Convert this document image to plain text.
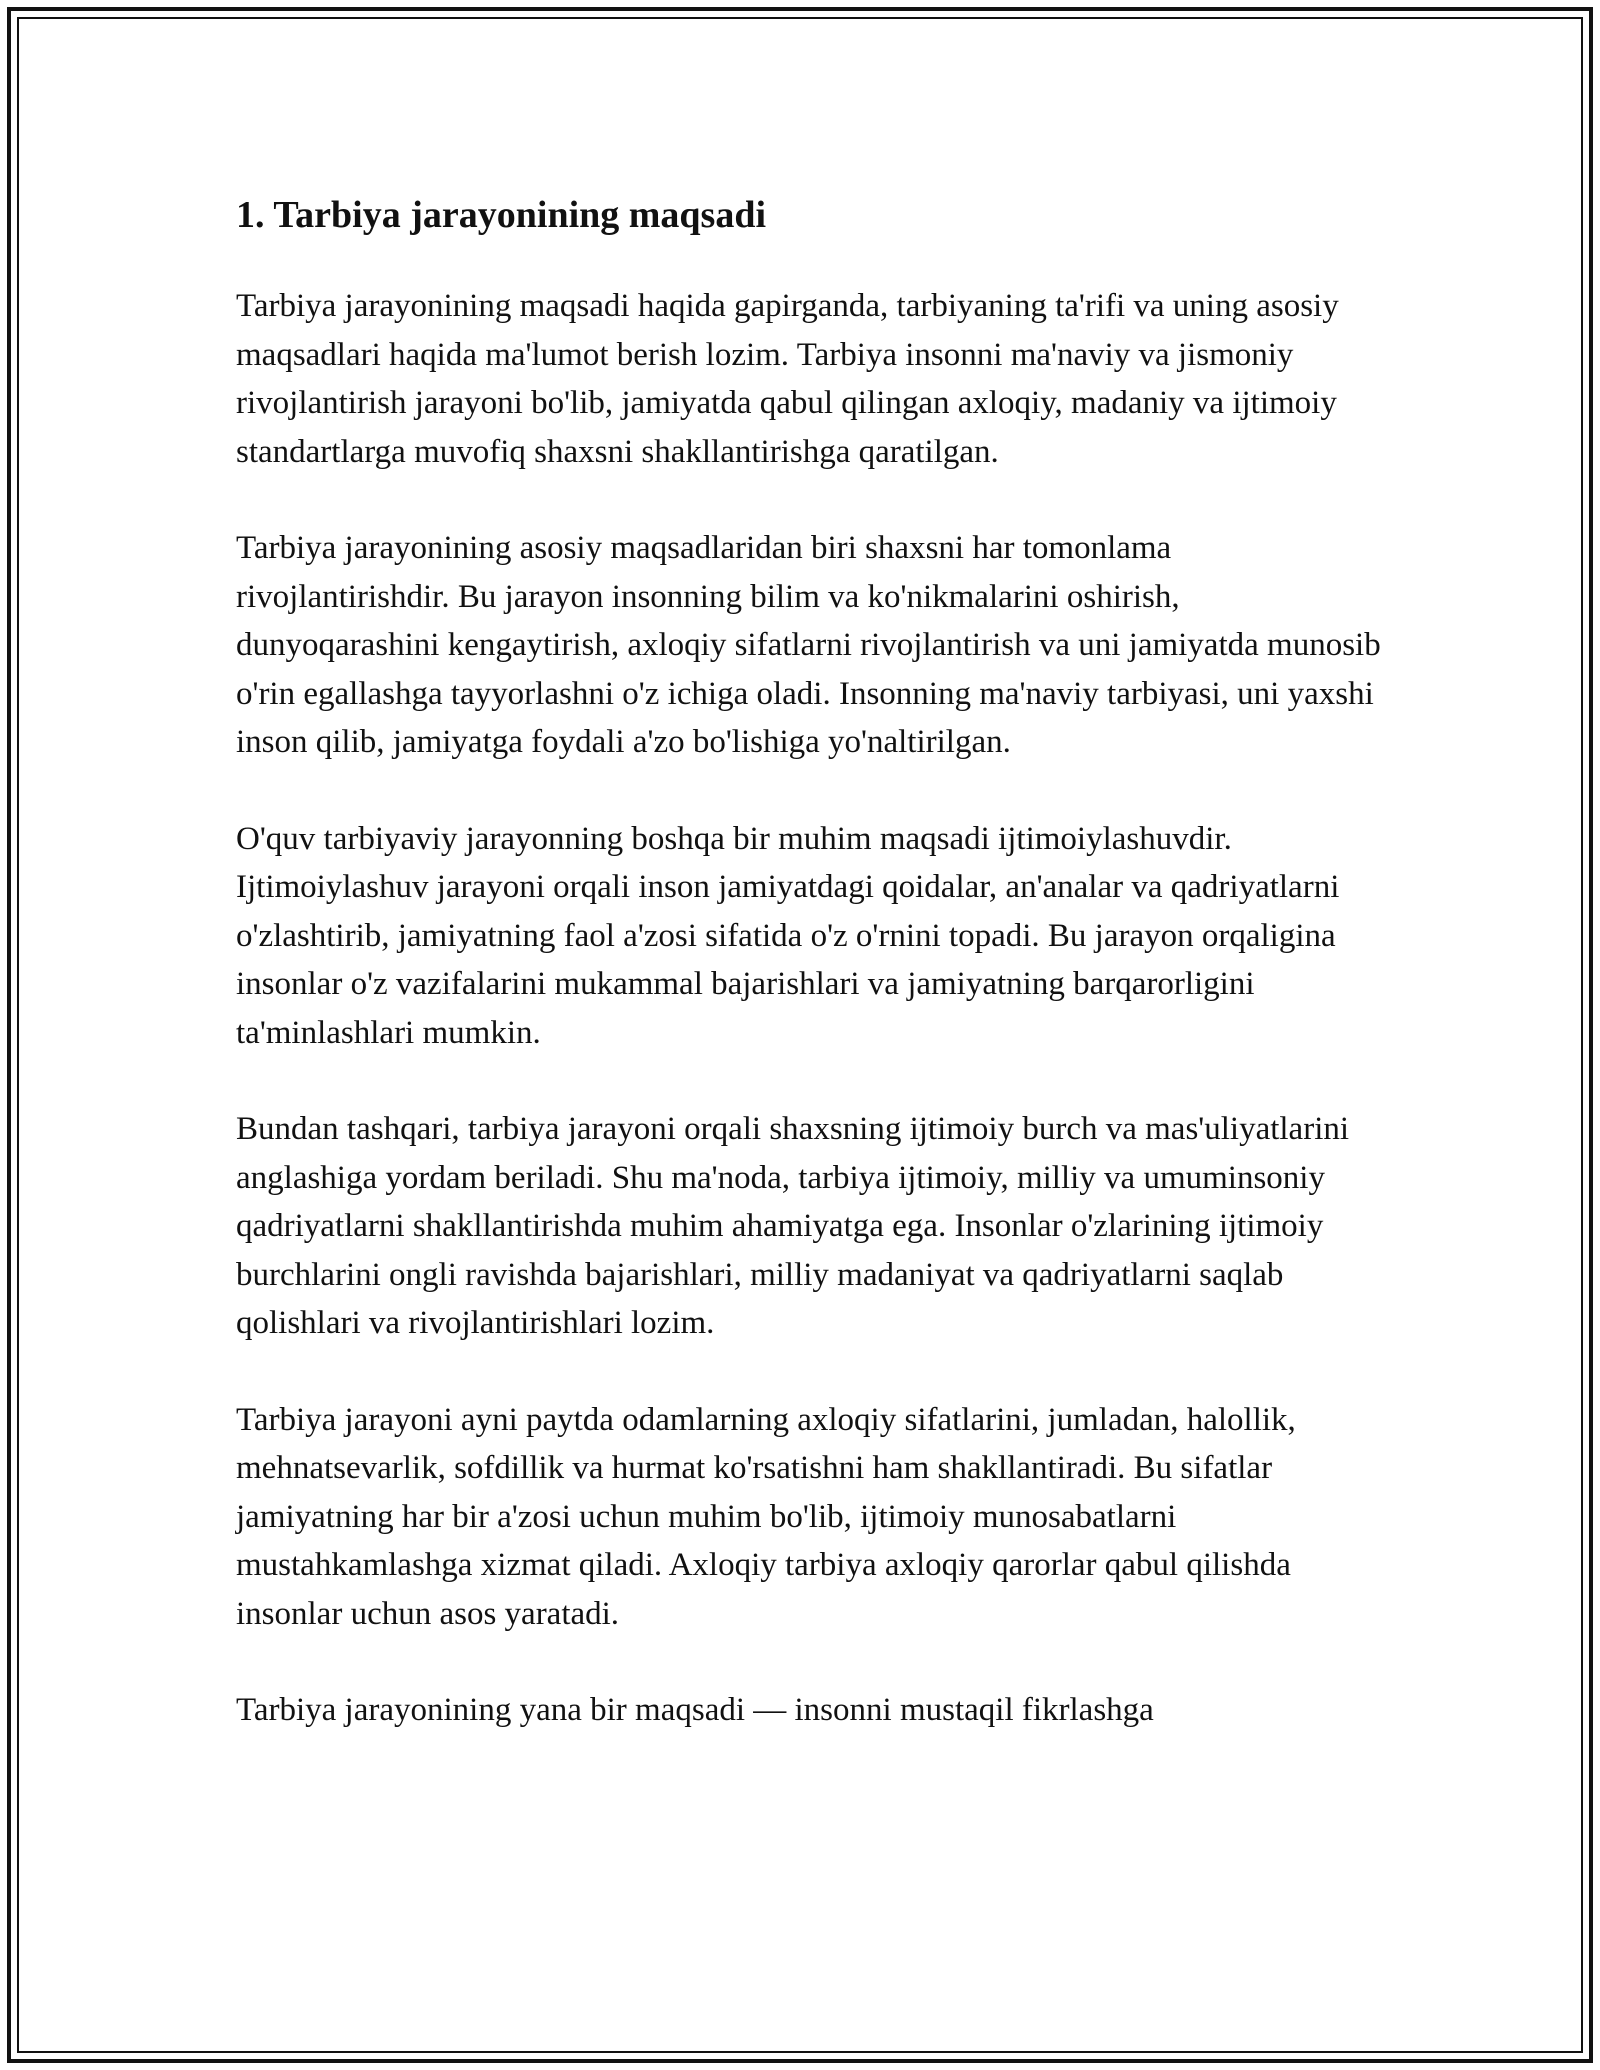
1. Tarbiya jarayonining maqsadi

Tarbiya jarayonining maqsadi haqida gapirganda, tarbiyaning ta'rifi va uning asosiy maqsadlari haqida ma'lumot berish lozim. Tarbiya insonni ma'naviy va jismoniy rivojlantirish jarayoni bo'lib, jamiyatda qabul qilingan axloqiy, madaniy va ijtimoiy standartlarga muvofiq shaxsni shakllantirishga qaratilgan.

Tarbiya jarayonining asosiy maqsadlaridan biri shaxsni har tomonlama rivojlantirishdir. Bu jarayon insonning bilim va ko'nikmalarini oshirish, dunyoqarashini kengaytirish, axloqiy sifatlarni rivojlantirish va uni jamiyatda munosib o'rin egallashga tayyorlashni o'z ichiga oladi. Insonning ma'naviy tarbiyasi, uni yaxshi inson qilib, jamiyatga foydali a'zo bo'lishiga yo'naltirilgan.

O'quv tarbiyaviy jarayonning boshqa bir muhim maqsadi ijtimoiylashuvdir. Ijtimoiylashuv jarayoni orqali inson jamiyatdagi qoidalar, an'analar va qadriyatlarni o'zlashtirib, jamiyatning faol a'zosi sifatida o'z o'rnini topadi. Bu jarayon orqaligina insonlar o'z vazifalarini mukammal bajarishlari va jamiyatning barqarorligini ta'minlashlari mumkin.

Bundan tashqari, tarbiya jarayoni orqali shaxsning ijtimoiy burch va mas'uliyatlarini anglashiga yordam beriladi. Shu ma'noda, tarbiya ijtimoiy, milliy va umuminsoniy qadriyatlarni shakllantirishda muhim ahamiyatga ega. Insonlar o'zlarining ijtimoiy burchlarini ongli ravishda bajarishlari, milliy madaniyat va qadriyatlarni saqlab qolishlari va rivojlantirishlari lozim.

Tarbiya jarayoni ayni paytda odamlarning axloqiy sifatlarini, jumladan, halollik, mehnatsevarlik, sofdillik va hurmat ko'rsatishni ham shakllantiradi. Bu sifatlar jamiyatning har bir a'zosi uchun muhim bo'lib, ijtimoiy munosabatlarni mustahkamlashga xizmat qiladi. Axloqiy tarbiya axloqiy qarorlar qabul qilishda insonlar uchun asos yaratadi.

Tarbiya jarayonining yana bir maqsadi — insonni mustaqil fikrlashga
